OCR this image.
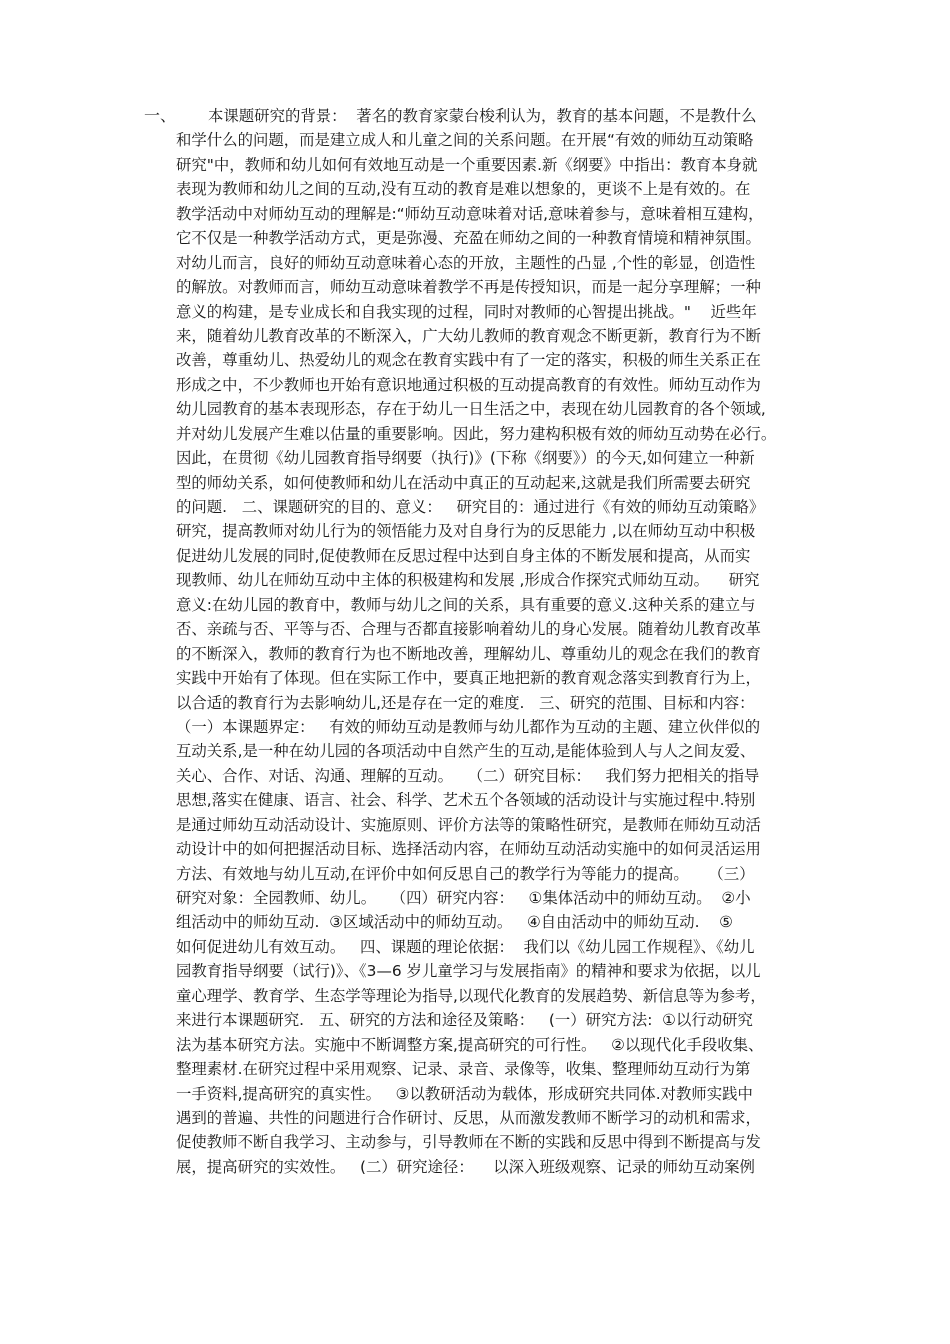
一、	本课题研究的背景：  著名的教育家蒙台梭利认为，教育的基本问题，不是教什么
和学什么的问题，而是建立成人和儿童之间的关系问题。在开展“有效的师幼互动策略
研究"中，教师和幼儿如何有效地互动是一个重要因素.新《纲要》中指出：教育本身就
表现为教师和幼儿之间的互动,没有互动的教育是难以想象的，更谈不上是有效的。在
教学活动中对师幼互动的理解是:“师幼互动意味着对话,意味着参与，意味着相互建构，
它不仅是一种教学活动方式，更是弥漫、充盈在师幼之间的一种教育情境和精神氛围。
对幼儿而言，良好的师幼互动意味着心态的开放，主题性的凸显 ,个性的彰显，创造性
的解放。对教师而言，师幼互动意味着教学不再是传授知识，而是一起分享理解；一种
意义的构建，是专业成长和自我实现的过程，同时对教师的心智提出挑战。"    近些年
来，随着幼儿教育改革的不断深入，广大幼儿教师的教育观念不断更新，教育行为不断
改善，尊重幼儿、热爱幼儿的观念在教育实践中有了一定的落实，积极的师生关系正在
形成之中，不少教师也开始有意识地通过积极的互动提高教育的有效性。师幼互动作为
幼儿园教育的基本表现形态，存在于幼儿一日生活之中，表现在幼儿园教育的各个领域,
并对幼儿发展产生难以估量的重要影响。因此，努力建构积极有效的师幼互动势在必行。
因此，在贯彻《幼儿园教育指导纲要（执行)》(下称《纲要》）的今天,如何建立一种新
型的师幼关系，如何使教师和幼儿在活动中真正的互动起来,这就是我们所需要去研究
的问题.   二、课题研究的目的、意义：   研究目的：通过进行《有效的师幼互动策略》
研究，提高教师对幼儿行为的领悟能力及对自身行为的反思能力 ,以在师幼互动中积极
促进幼儿发展的同时,促使教师在反思过程中达到自身主体的不断发展和提高，从而实
现教师、幼儿在师幼互动中主体的积极建构和发展 ,形成合作探究式师幼互动。    研究
意义:在幼儿园的教育中，教师与幼儿之间的关系，具有重要的意义.这种关系的建立与
否、亲疏与否、平等与否、合理与否都直接影响着幼儿的身心发展。随着幼儿教育改革
的不断深入，教师的教育行为也不断地改善，理解幼儿、尊重幼儿的观念在我们的教育
实践中开始有了体现。但在实际工作中，要真正地把新的教育观念落实到教育行为上，
以合适的教育行为去影响幼儿,还是存在一定的难度.   三、研究的范围、目标和内容：
（一）本课题界定：   有效的师幼互动是教师与幼儿都作为互动的主题、建立伙伴似的
互动关系,是一种在幼儿园的各项活动中自然产生的互动,是能体验到人与人之间友爱、
关心、合作、对话、沟通、理解的互动。   （二）研究目标：   我们努力把相关的指导
思想,落实在健康、语言、社会、科学、艺术五个各领域的活动设计与实施过程中.特别
是通过师幼互动活动设计、实施原则、评价方法等的策略性研究，是教师在师幼互动活
动设计中的如何把握活动目标、选择活动内容，在师幼互动活动实施中的如何灵活运用
方法、有效地与幼儿互动,在评价中如何反思自己的教学行为等能力的提高。    （三）
研究对象：全园教师、幼儿。   （四）研究内容：   ①集体活动中的师幼互动。  ②小
组活动中的师幼互动.  ③区域活动中的师幼互动。   ④自由活动中的师幼互动.    ⑤
如何促进幼儿有效互动。   四、课题的理论依据：  我们以《幼儿园工作规程》、《幼儿
园教育指导纲要（试行)》、《3—6 岁儿童学习与发展指南》的精神和要求为依据，以儿
童心理学、教育学、生态学等理论为指导,以现代化教育的发展趋势、新信息等为参考，
来进行本课题研究.   五、研究的方法和途径及策略：   (一）研究方法:  ①以行动研究
法为基本研究方法。实施中不断调整方案,提高研究的可行性。   ②以现代化手段收集、
整理素材.在研究过程中采用观察、记录、录音、录像等，收集、整理师幼互动行为第
一手资料,提高研究的真实性。   ③以教研活动为载体，形成研究共同体.对教师实践中
遇到的普遍、共性的问题进行合作研讨、反思，从而激发教师不断学习的动机和需求，
促使教师不断自我学习、主动参与，引导教师在不断的实践和反思中得到不断提高与发
展，提高研究的实效性。   (二）研究途径：    以深入班级观察、记录的师幼互动案例
